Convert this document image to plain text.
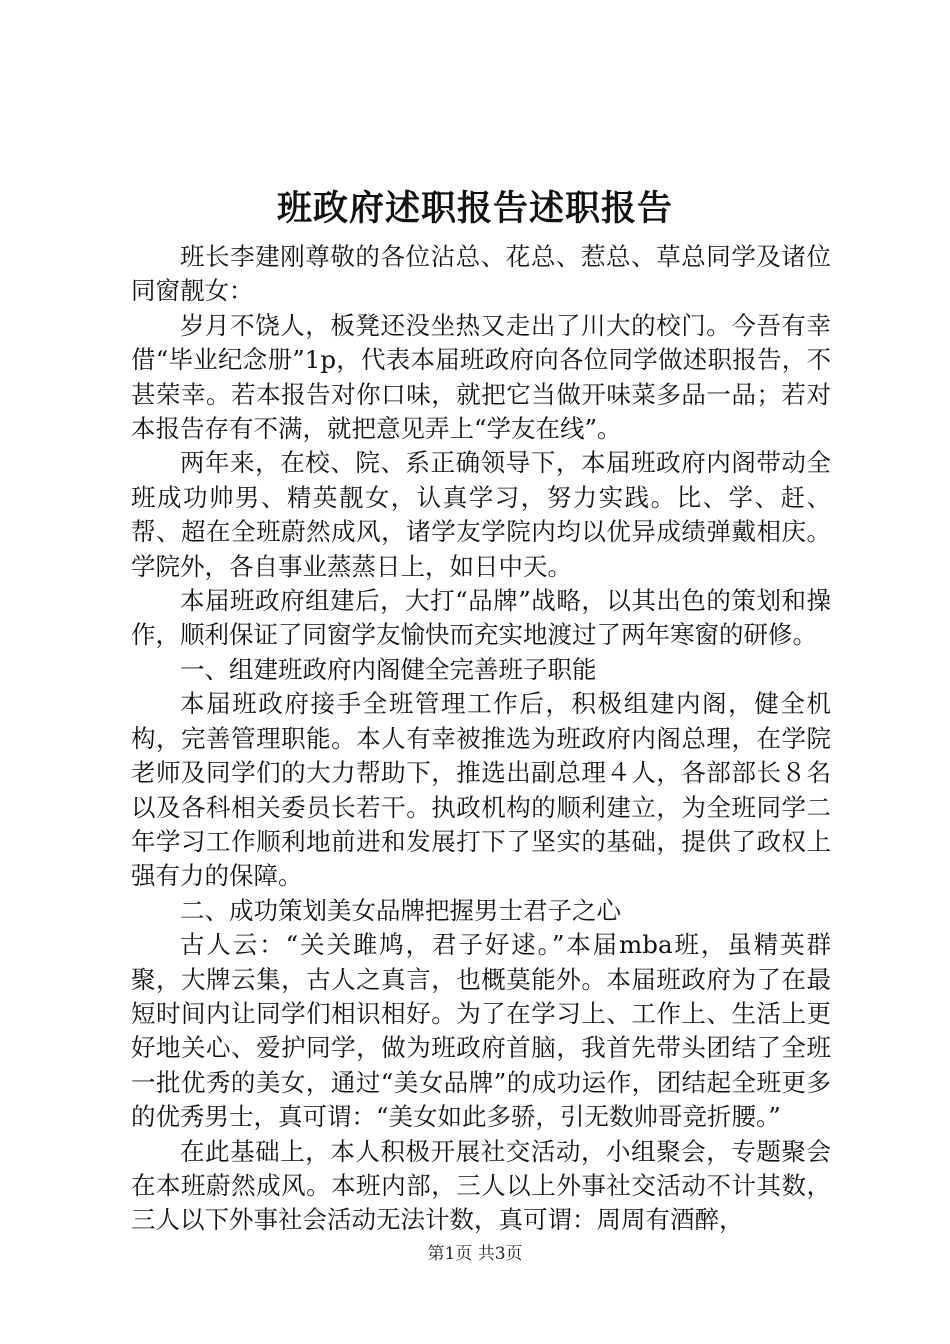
班政府述职报告述职报告

班长李建刚尊敬的各位沾总、花总、惹总、草总同学及诸位同窗靓女：

岁月不饶人，板凳还没坐热又走出了川大的校门。今吾有幸借“毕业纪念册”1p，代表本届班政府向各位同学做述职报告，不甚荣幸。若本报告对你口味，就把它当做开味菜多品一品；若对本报告存有不满，就把意见弄上“学友在线”。

两年来，在校、院、系正确领导下，本届班政府内阁带动全班成功帅男、精英靓女，认真学习，努力实践。比、学、赶、帮、超在全班蔚然成风，诸学友学院内均以优异成绩弹戴相庆。学院外，各自事业蒸蒸日上，如日中天。

本届班政府组建后，大打“品牌”战略，以其出色的策划和操作，顺利保证了同窗学友愉快而充实地渡过了两年寒窗的研修。

一、组建班政府内阁健全完善班子职能

本届班政府接手全班管理工作后，积极组建内阁，健全机构，完善管理职能。本人有幸被推选为班政府内阁总理，在学院老师及同学们的大力帮助下，推选出副总理４人，各部部长８名以及各科相关委员长若干。执政机构的顺利建立，为全班同学二年学习工作顺利地前进和发展打下了坚实的基础，提供了政权上强有力的保障。

二、成功策划美女品牌把握男士君子之心

古人云：“关关雎鸠，君子好逑。”本届mba班，虽精英群聚，大牌云集，古人之真言，也概莫能外。本届班政府为了在最短时间内让同学们相识相好。为了在学习上、工作上、生活上更好地关心、爱护同学，做为班政府首脑，我首先带头团结了全班一批优秀的美女，通过“美女品牌”的成功运作，团结起全班更多的优秀男士，真可谓：“美女如此多骄，引无数帅哥竞折腰。”

在此基础上，本人积极开展社交活动，小组聚会，专题聚会在本班蔚然成风。本班内部，三人以上外事社交活动不计其数，三人以下外事社会活动无法计数，真可谓：周周有酒醉，

第1页 共3页
